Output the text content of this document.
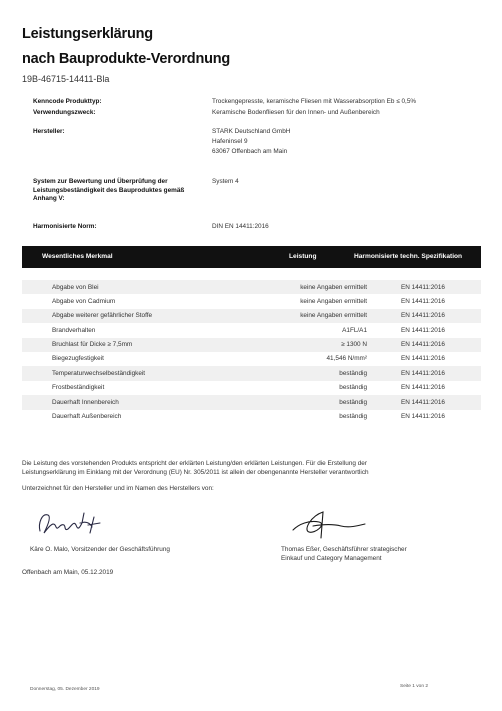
Leistungserklärung
nach Bauprodukte-Verordnung
19B-46715-14411-Bla
Kenncode Produkttyp:	Trockengepresste, keramische Fliesen mit Wasserabsorption Eb ≤ 0,5%
Verwendungszweck:	Keramische Bodenfliesen für den Innen- und Außenbereich
Hersteller:	STARK Deutschland GmbH
Hafeninsel 9
63067 Offenbach am Main
System zur Bewertung und Überprüfung der Leistungsbeständigkeit des Bauproduktes gemäß Anhang V:
System 4
Harmonisierte Norm:	DIN EN 14411:2016
Wesentliches Merkmal	Leistung	Harmonisierte techn. Spezifikation
Abgabe von Blei	keine Angaben ermittelt	EN 14411:2016
Abgabe von Cadmium	keine Angaben ermittelt	EN 14411:2016
Abgabe weiterer gefährlicher Stoffe	keine Angaben ermittelt	EN 14411:2016
Brandverhalten	A1FL/A1	EN 14411:2016
Bruchlast für Dicke ≥ 7,5mm	≥ 1300 N	EN 14411:2016
Biegezugfestigkeit	41,546 N/mm²	EN 14411:2016
Temperaturwechselbeständigkeit	beständig	EN 14411:2016
Frostbeständigkeit	beständig	EN 14411:2016
Dauerhaft Innenbereich	beständig	EN 14411:2016
Dauerhaft Außenbereich	beständig	EN 14411:2016
Die Leistung des vorstehenden Produkts entspricht der erklärten Leistung/den erklärten Leistungen. Für die Erstellung der
Leistungserklärung im Einklang mit der Verordnung (EU) Nr. 305/2011 ist allein der obengenannte Hersteller verantwortlich
Unterzeichnet für den Hersteller und im Namen des Herstellers von:
Käre O. Malo, Vorsitzender der Geschäftsführung	Thomas Eßer, Geschäftsführer strategischer
Einkauf und Category Management
Offenbach am Main, 05.12.2019
Donnerstag, 05. Dezember 2019
Seite 1 von 2
